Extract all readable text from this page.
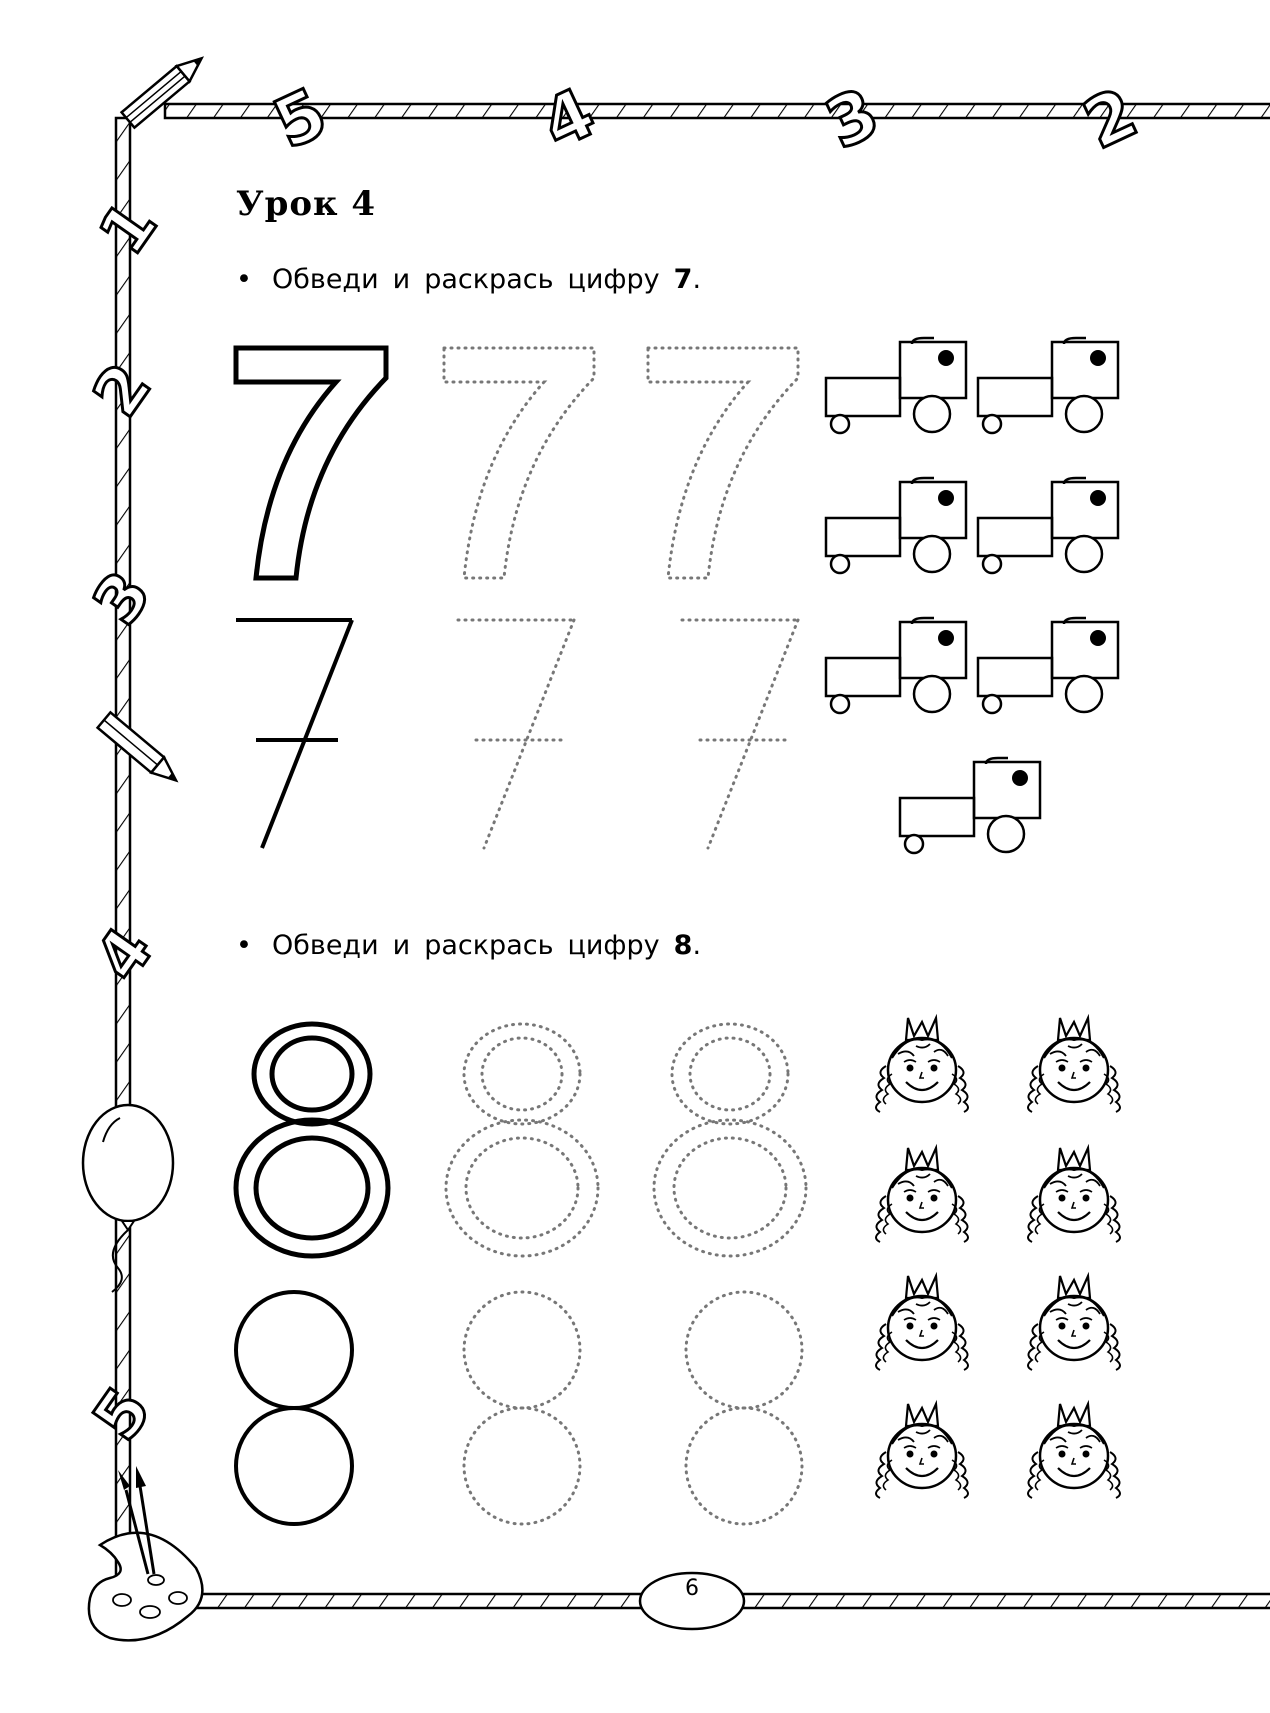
5	4	3	2
1
2
3
4
5
Урок 4
• Обведи и раскрась цифру 7.
• Обведи и раскрась цифру 8.
6
